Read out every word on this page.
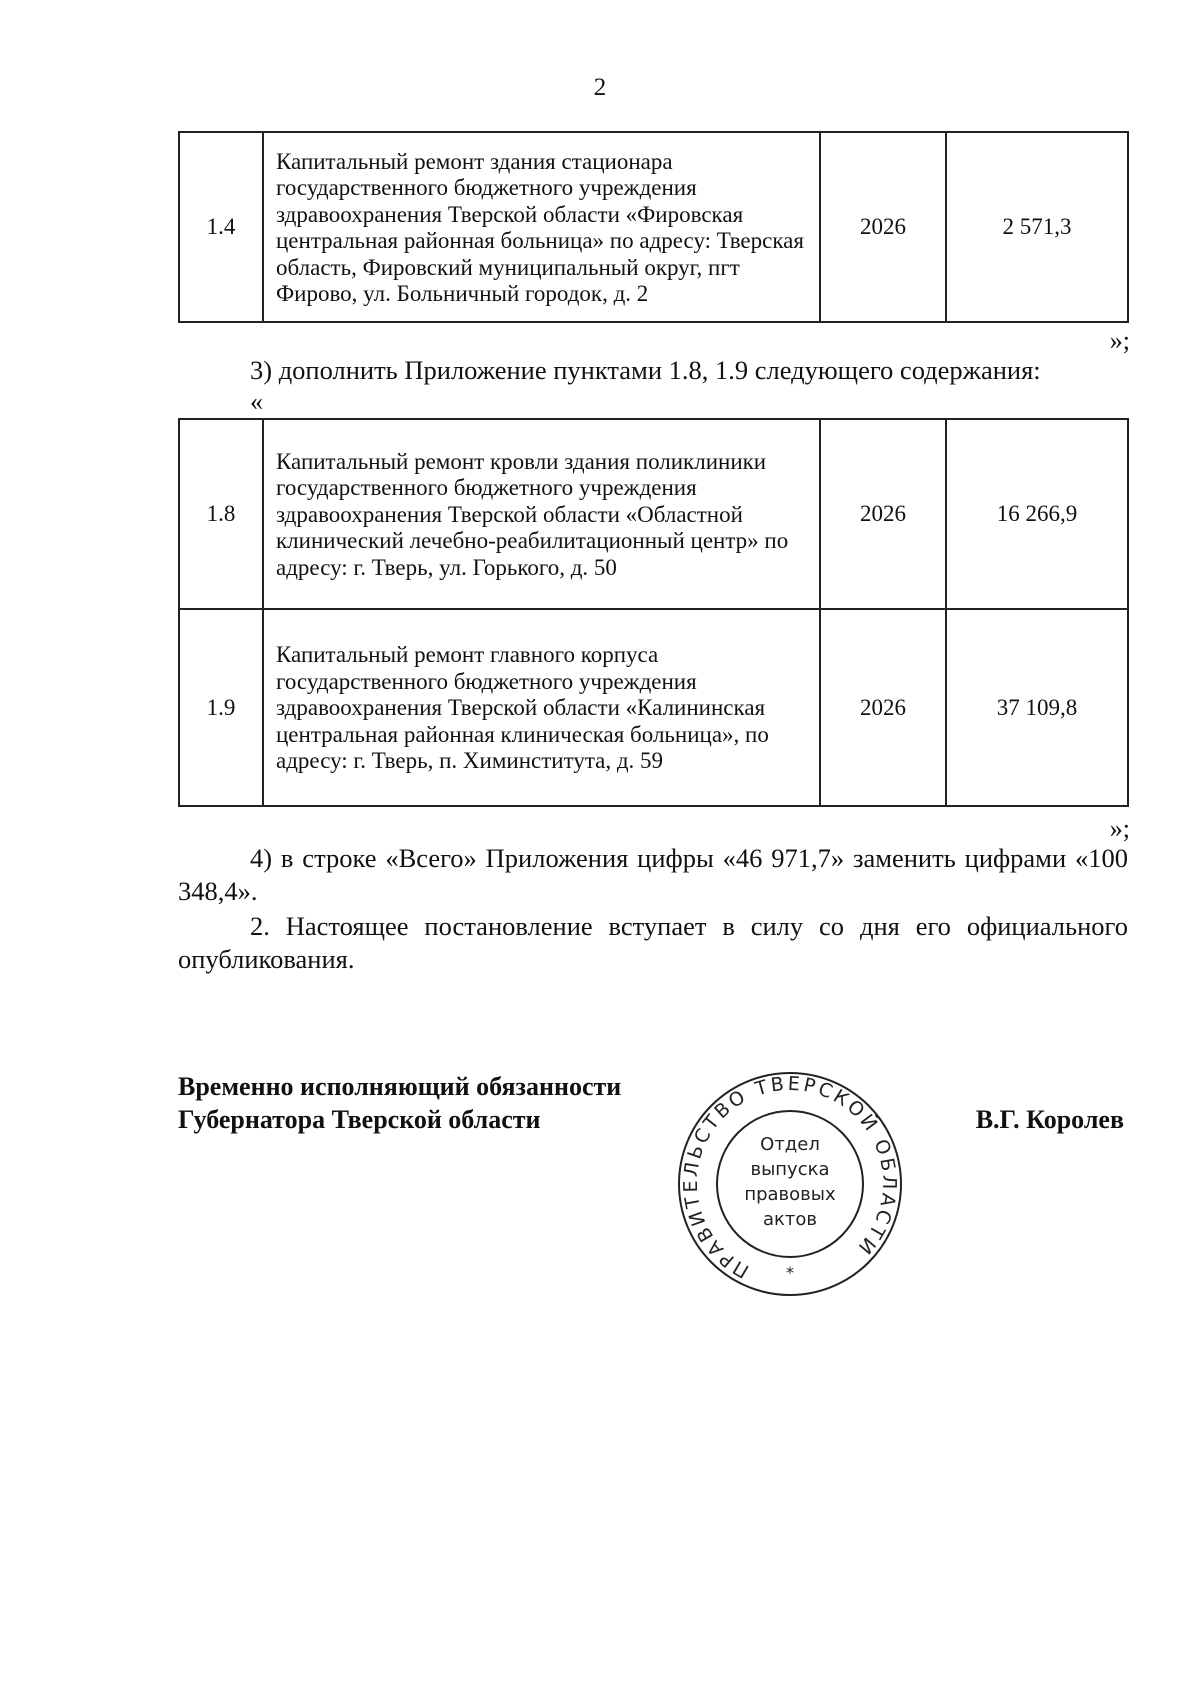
2
1.4	Капитальный ремонт здания стационара государственного бюджетного учреждения здравоохранения Тверской области «Фировская центральная районная больница» по адресу: Тверская область, Фировский муниципальный округ, пгт Фирово, ул. Больничный городок, д. 2	2026	2 571,3
»;
3) дополнить Приложение пунктами 1.8, 1.9 следующего содержания:
«
1.8	Капитальный ремонт кровли здания поликлиники государственного бюджетного учреждения здравоохранения Тверской области «Областной клинический лечебно-реабилитационный центр» по адресу: г. Тверь, ул. Горького, д. 50	2026	16 266,9
1.9	Капитальный ремонт главного корпуса государственного бюджетного учреждения здравоохранения Тверской области «Калининская центральная районная клиническая больница», по адресу: г. Тверь, п. Химинститута, д. 59	2026	37 109,8
»;
4) в строке «Всего» Приложения цифры «46 971,7» заменить цифрами «100 348,4».
2. Настоящее постановление вступает в силу со дня его официального опубликования.
Временно исполняющий обязанности
Губернатора Тверской области
ПРАВИТЕЛЬСТВО ТВЕРСКОЙ ОБЛАСТИ
Отдел
выпуска
правовых
актов
*
В.Г. Королев
